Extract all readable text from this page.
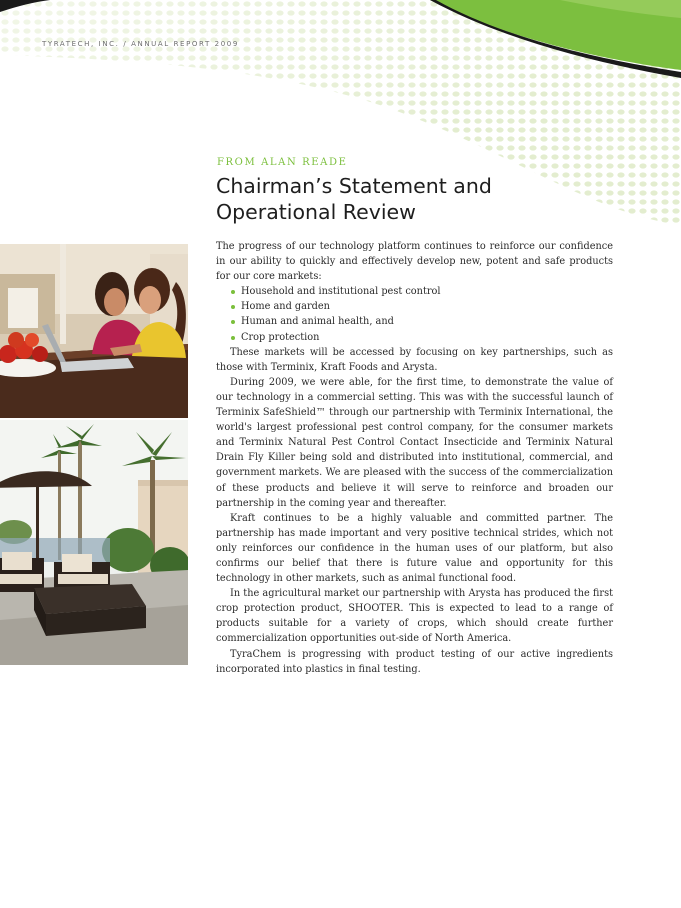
TYRATECH, INC. / ANNUAL REPORT 2009
FROM ALAN READE
Chairman’s Statement and
Operational Review

The progress of our technology platform continues to reinforce our confidence in our ability to quickly and effectively develop new, potent and safe products for our core markets:

Household and institutional pest control
Home and garden
Human and animal health, and
Crop protection

These markets will be accessed by focusing on key partnerships, such as those with Terminix, Kraft Foods and Arysta.

During 2009, we were able, for the first time, to demonstrate the value of our technology in a commercial setting. This was with the successful launch of Terminix SafeShield™ through our partnership with Terminix International, the world's largest professional pest control company, for the consumer markets and Terminix Natural Pest Control Contact Insecticide and Terminix Natural Drain Fly Killer being sold and distributed into institutional, commercial, and government markets. We are pleased with the success of the commercialization of these products and believe it will serve to reinforce and broaden our partnership in the coming year and thereafter.

Kraft continues to be a highly valuable and committed partner. The partnership has made important and very positive technical strides, which not only reinforces our confidence in the human uses of our platform, but also confirms our belief that there is future value and opportunity for this technology in other markets, such as animal functional food.

In the agricultural market our partnership with Arysta has produced the first crop protection product, SHOOTER. This is expected to lead to a range of products suitable for a variety of crops, which should create further commercialization opportunities out-side of North America.

TyraChem is progressing with product testing of our active ingredients incorporated into plastics in final testing.
